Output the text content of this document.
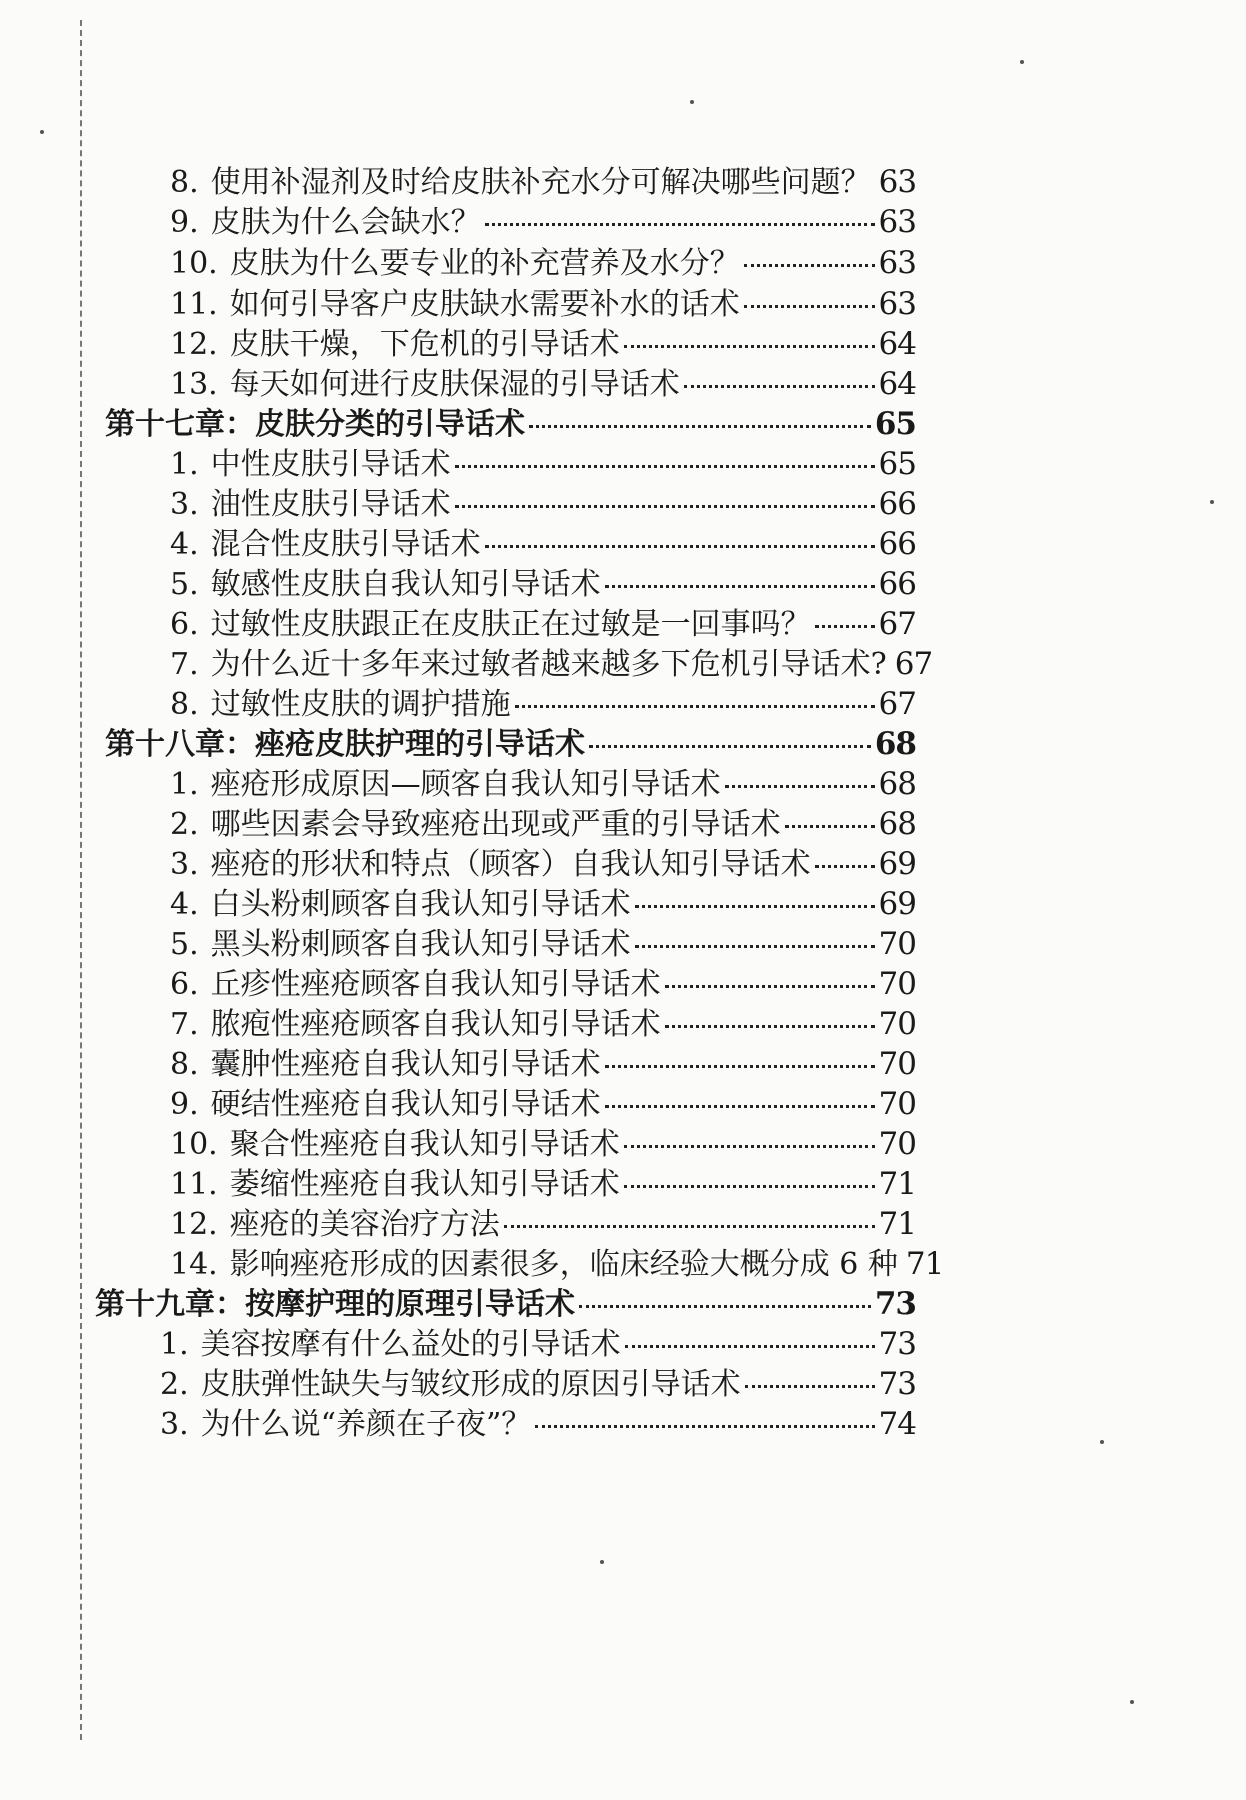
8. 使用补湿剂及时给皮肤补充水分可解决哪些问题？ 63
9. 皮肤为什么会缺水？	63
10. 皮肤为什么要专业的补充营养及水分？	63
11. 如何引导客户皮肤缺水需要补水的话术	63
12. 皮肤干燥，下危机的引导话术	64
13. 每天如何进行皮肤保湿的引导话术	64
第十七章：皮肤分类的引导话术	65
1. 中性皮肤引导话术	65
3. 油性皮肤引导话术	66
4. 混合性皮肤引导话术	66
5. 敏感性皮肤自我认知引导话术	66
6. 过敏性皮肤跟正在皮肤正在过敏是一回事吗？ 67
7. 为什么近十多年来过敏者越来越多下危机引导话术? 67
8. 过敏性皮肤的调护措施	67
第十八章：痤疮皮肤护理的引导话术	68
1. 痤疮形成原因—顾客自我认知引导话术	68
2. 哪些因素会导致痤疮出现或严重的引导话术	68
3. 痤疮的形状和特点（顾客）自我认知引导话术 69
4. 白头粉刺顾客自我认知引导话术	69
5. 黑头粉刺顾客自我认知引导话术	70
6. 丘疹性痤疮顾客自我认知引导话术	70
7. 脓疱性痤疮顾客自我认知引导话术	70
8. 囊肿性痤疮自我认知引导话术	70
9. 硬结性痤疮自我认知引导话术	70
10. 聚合性痤疮自我认知引导话术	70
11. 萎缩性痤疮自我认知引导话术	71
12. 痤疮的美容治疗方法	71
14. 影响痤疮形成的因素很多，临床经验大概分成 6 种 71
第十九章：按摩护理的原理引导话术	73
1. 美容按摩有什么益处的引导话术	73
2. 皮肤弹性缺失与皱纹形成的原因引导话术	73
3. 为什么说“养颜在子夜”？	74
